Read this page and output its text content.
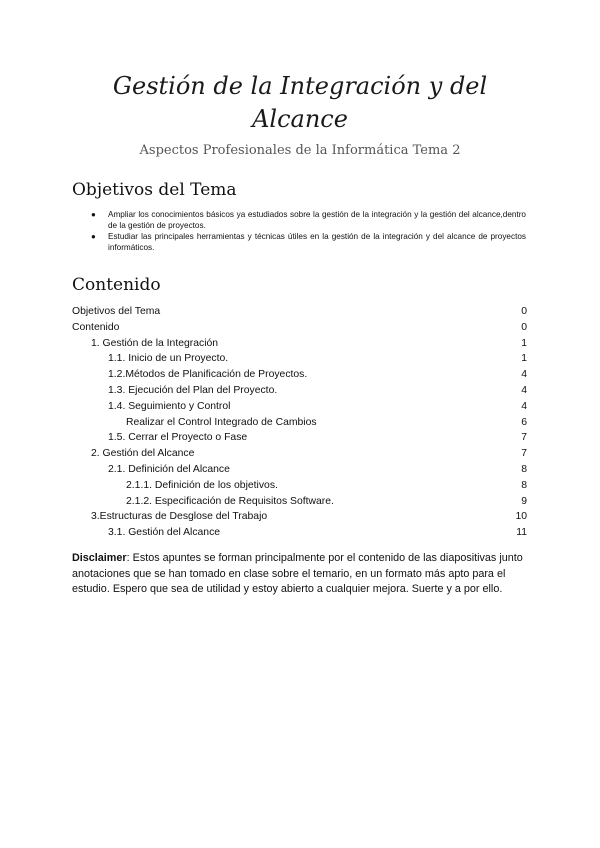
Gestión de la Integración y del
Alcance
Aspectos Profesionales de la Informática Tema 2
Objetivos del Tema
● Ampliar los conocimientos básicos ya estudiados sobre la gestión de la integración y la gestión del alcance,dentro de la gestión de proyectos.
● Estudiar las principales herramientas y técnicas útiles en la gestión de la integración y del alcance de proyectos informáticos.
Contenido
Objetivos del Tema	0
Contenido	0
1. Gestión de la Integración	1
1.1. Inicio de un Proyecto.	1
1.2.Métodos de Planificación de Proyectos.	4
1.3. Ejecución del Plan del Proyecto.	4
1.4. Seguimiento y Control	4
Realizar el Control Integrado de Cambios	6
1.5. Cerrar el Proyecto o Fase	7
2. Gestión del Alcance	7
2.1. Definición del Alcance	8
2.1.1. Definición de los objetivos.	8
2.1.2. Especificación de Requisitos Software.	9
3.Estructuras de Desglose del Trabajo	10
3.1. Gestión del Alcance	11
Disclaimer: Estos apuntes se forman principalmente por el contenido de las diapositivas junto anotaciones que se han tomado en clase sobre el temario, en un formato más apto para el estudio. Espero que sea de utilidad y estoy abierto a cualquier mejora. Suerte y a por ello.
